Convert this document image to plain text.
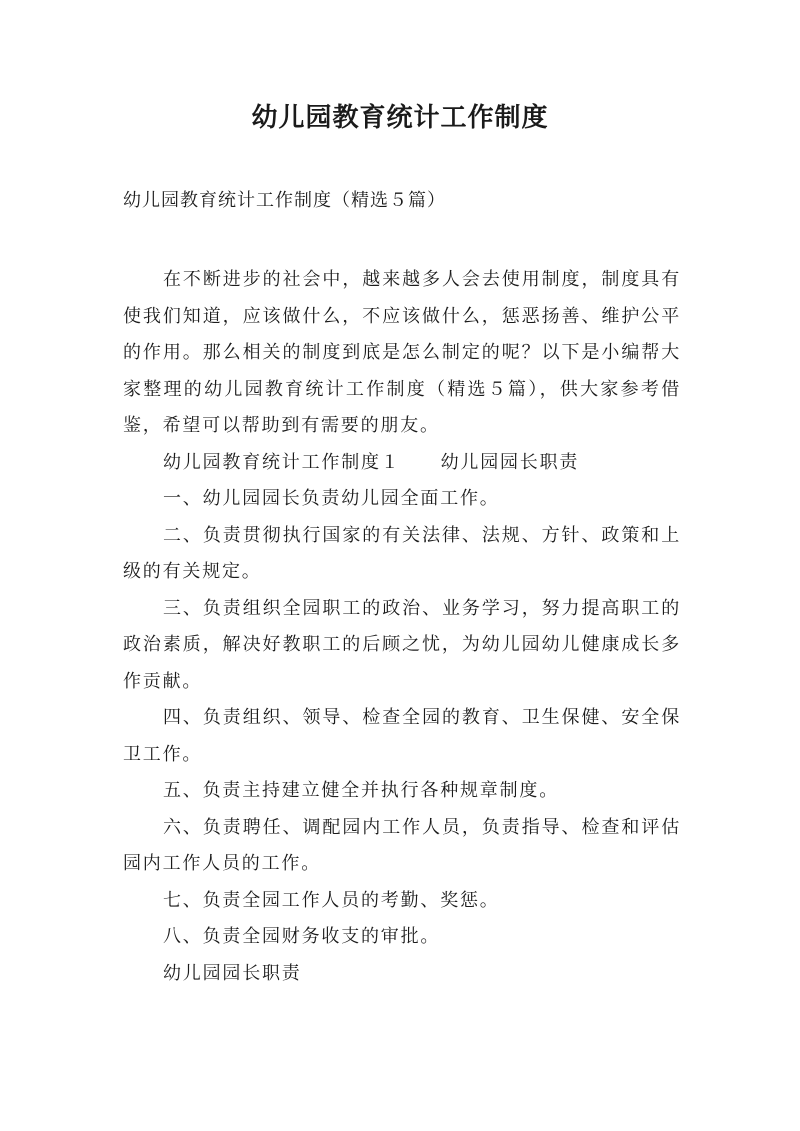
幼儿园教育统计工作制度

幼儿园教育统计工作制度（精选５篇）

在不断进步的社会中，越来越多人会去使用制度，制度具有使我们知道，应该做什么，不应该做什么，惩恶扬善、维护公平的作用。那么相关的制度到底是怎么制定的呢？以下是小编帮大家整理的幼儿园教育统计工作制度（精选５篇），供大家参考借鉴，希望可以帮助到有需要的朋友。

幼儿园教育统计工作制度１ 幼儿园园长职责

一、幼儿园园长负责幼儿园全面工作。

二、负责贯彻执行国家的有关法律、法规、方针、政策和上级的有关规定。

三、负责组织全园职工的政治、业务学习，努力提高职工的政治素质，解决好教职工的后顾之忧，为幼儿园幼儿健康成长多作贡献。

四、负责组织、领导、检查全园的教育、卫生保健、安全保卫工作。

五、负责主持建立健全并执行各种规章制度。

六、负责聘任、调配园内工作人员，负责指导、检查和评估园内工作人员的工作。

七、负责全园工作人员的考勤、奖惩。

八、负责全园财务收支的审批。

幼儿园园长职责
